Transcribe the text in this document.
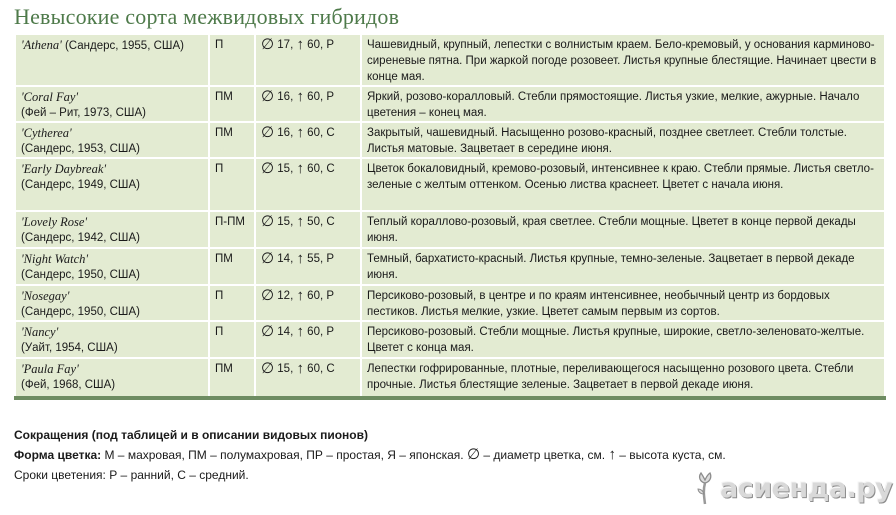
Невысокие сорта межвидовых гибридов
'Athena' (Сандерс, 1955, США)	П	∅ 17, ↑ 60, Р	Чашевидный, крупный, лепестки с волнистым краем. Бело-кремовый, у основания карминово-сиреневые пятна. При жаркой погоде розовеет. Листья крупные блестящие. Начинает цвести в конце мая.

'Coral Fay'
(Фей – Рит, 1973, США)	ПМ	∅ 16, ↑ 60, Р	Яркий, розово-коралловый. Стебли прямостоящие. Листья узкие, мелкие, ажурные. Начало цветения – конец мая.

'Cytherea'
(Сандерс, 1953, США)	ПМ	∅ 16, ↑ 60, С	Закрытый, чашевидный. Насыщенно розово-красный, позднее светлеет. Стебли толстые. Листья матовые. Зацветает в середине июня.

'Early Daybreak'
(Сандерс, 1949, США)	П	∅ 15, ↑ 60, С	Цветок бокаловидный, кремово-розовый, интенсивнее к краю. Стебли прямые. Листья светло-зеленые с желтым оттенком. Осенью листва краснеет. Цветет с начала июня.

'Lovely Rose'
(Сандерс, 1942, США)	П-ПМ	∅ 15, ↑ 50, С	Теплый кораллово-розовый, края светлее. Стебли мощные. Цветет в конце первой декады июня.

'Night Watch'
(Сандерс, 1950, США)	ПМ	∅ 14, ↑ 55, Р	Темный, бархатисто-красный. Листья крупные, темно-зеленые. Зацветает в первой декаде июня.

'Nosegay'
(Сандерс, 1950, США)	П	∅ 12, ↑ 60, Р	Персиково-розовый, в центре и по краям интенсивнее, необычный центр из бордовых пестиков. Листья мелкие, узкие. Цветет самым первым из сортов.

'Nancy'
(Уайт, 1954, США)	П	∅ 14, ↑ 60, Р	Персиково-розовый. Стебли мощные. Листья крупные, широкие, светло-зеленовато-желтые. Цветет с конца мая.

'Paula Fay'
(Фей, 1968, США)	ПМ	∅ 15, ↑ 60, С	Лепестки гофрированные, плотные, переливающегося насыщенно розового цвета. Стебли прочные. Листья блестящие зеленые. Зацветает в первой декаде июня.
Сокращения (под таблицей и в описании видовых пионов)
Форма цветка: М – махровая, ПМ – полумахровая, ПР – простая, Я – японская. ∅ – диаметр цветка, см. ↑ – высота куста, см.
Сроки цветения: Р – ранний, С – средний.	асиенда.ру
